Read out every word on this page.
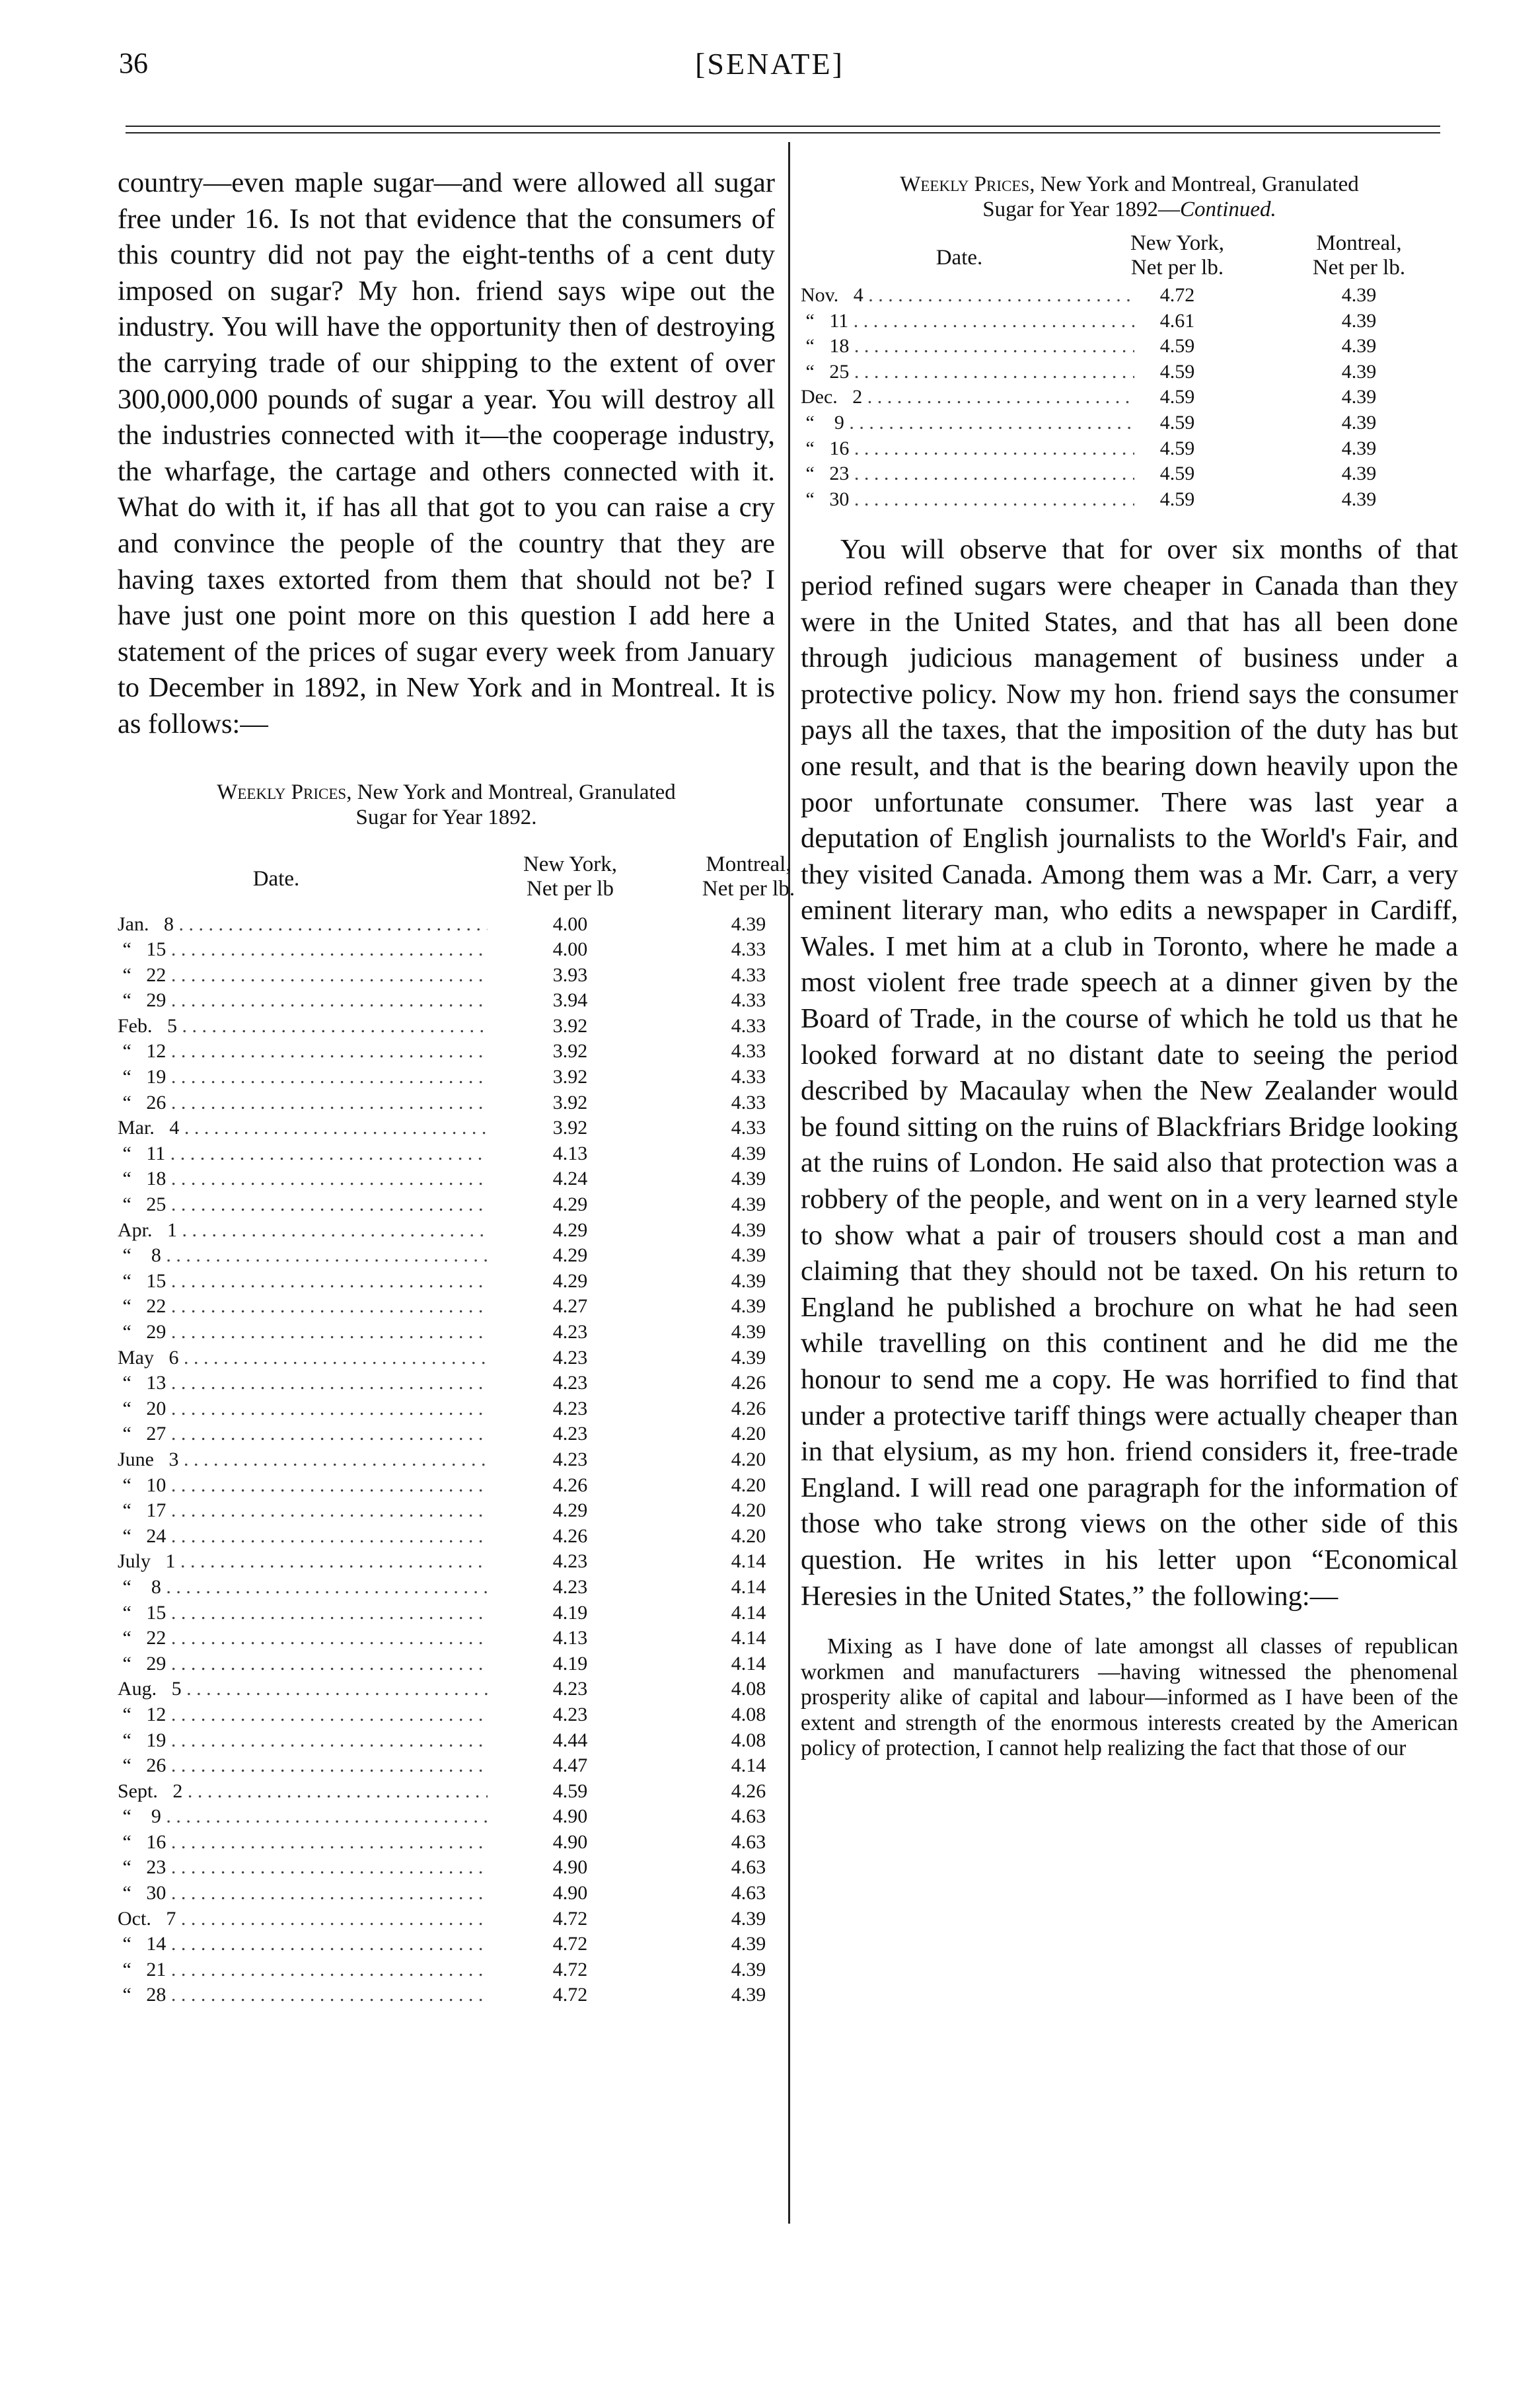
36	[SENATE]

country—even maple sugar—and were allowed all sugar free under 16. Is not that evidence that the consumers of this country did not pay the eight-tenths of a cent duty imposed on sugar? My hon. friend says wipe out the industry. You will have the opportunity then of destroying the carrying trade of our shipping to the extent of over 300,000,000 pounds of sugar a year. You will destroy all the industries connected with it—the cooperage industry, the wharfage, the cartage and others connected with it. What do with it, if has all that got to you can raise a cry and convince the people of the country that they are having taxes extorted from them that should not be? I have just one point more on this question I add here a statement of the prices of sugar every week from January to December in 1892, in New York and in Montreal. It is as follows:—

Weekly Prices, New York and Montreal, Granulated

Sugar for Year 1892.

Date.
New York,
Net per lb
Montreal,
Net per lb.
Jan.   8 . . .	4.00	4.39
“   15 . . .	4.00	4.33
“   22 . . .	3.93	4.33
“   29 . . .	3.94	4.33
Feb.   5 . . .	3.92	4.33
“   12 . . .	3.92	4.33
“   19 . . .	3.92	4.33
“   26 . . .	3.92	4.33
Mar.   4 . . .	3.92	4.33
“   11 . . .	4.13	4.39
“   18 . . .	4.24	4.39
“   25 . . .	4.29	4.39
Apr.   1 . . .	4.29	4.39
“    8 . . .	4.29	4.39
“   15 . . .	4.29	4.39
“   22 . . .	4.27	4.39
“   29 . . .	4.23	4.39
May   6 . . .	4.23	4.39
“   13 . . .	4.23	4.26
“   20 . . .	4.23	4.26
“   27 . . .	4.23	4.20
June   3 . . .	4.23	4.20
“   10 . . .	4.26	4.20
“   17 . . .	4.29	4.20
“   24 . . .	4.26	4.20
July   1 . . .	4.23	4.14
“    8 . . .	4.23	4.14
“   15 . . .	4.19	4.14
“   22 . . .	4.13	4.14
“   29 . . .	4.19	4.14
Aug.   5 . . .	4.23	4.08
“   12 . . .	4.23	4.08
“   19 . . .	4.44	4.08
“   26 . . .	4.47	4.14
Sept.   2 . . .	4.59	4.26
“    9 . . .	4.90	4.63
“   16 . . .	4.90	4.63
“   23 . . .	4.90	4.63
“   30 . . .	4.90	4.63
Oct.   7 . . .	4.72	4.39
“   14 . . .	4.72	4.39
“   21 . . .	4.72	4.39
“   28 . . .	4.72	4.39

Weekly Prices, New York and Montreal, Granulated

Sugar for Year 1892—Continued.

Date.
New York,
Net per lb.
Montreal,
Net per lb.
Nov.   4 . . .	4.72	4.39
“   11 . . .	4.61	4.39
“   18 . . .	4.59	4.39
“   25 . . .	4.59	4.39
Dec.   2 . . .	4.59	4.39
“    9 . . .	4.59	4.39
“   16 . . .	4.59	4.39
“   23 . . .	4.59	4.39
“   30 . . .	4.59	4.39

You will observe that for over six months of that period refined sugars were cheaper in Canada than they were in the United States, and that has all been done through judicious management of business under a protective policy. Now my hon. friend says the consumer pays all the taxes, that the imposition of the duty has but one result, and that is the bearing down heavily upon the poor unfortunate consumer. There was last year a deputation of English journalists to the World's Fair, and they visited Canada. Among them was a Mr. Carr, a very eminent literary man, who edits a newspaper in Cardiff, Wales. I met him at a club in Toronto, where he made a most violent free trade speech at a dinner given by the Board of Trade, in the course of which he told us that he looked forward at no distant date to seeing the period described by Macaulay when the New Zealander would be found sitting on the ruins of Blackfriars Bridge looking at the ruins of London. He said also that protection was a robbery of the people, and went on in a very learned style to show what a pair of trousers should cost a man and claiming that they should not be taxed. On his return to England he published a brochure on what he had seen while travelling on this continent and he did me the honour to send me a copy. He was horrified to find that under a protective tariff things were actually cheaper than in that elysium, as my hon. friend considers it, free-trade England. I will read one paragraph for the information of those who take strong views on the other side of this question. He writes in his letter upon “Economical Heresies in the United States,” the following:—

Mixing as I have done of late amongst all classes of republican workmen and manufacturers —having witnessed the phenomenal prosperity alike of capital and labour—informed as I have been of the extent and strength of the enormous interests created by the American policy of protection, I cannot help realizing the fact that those of our
